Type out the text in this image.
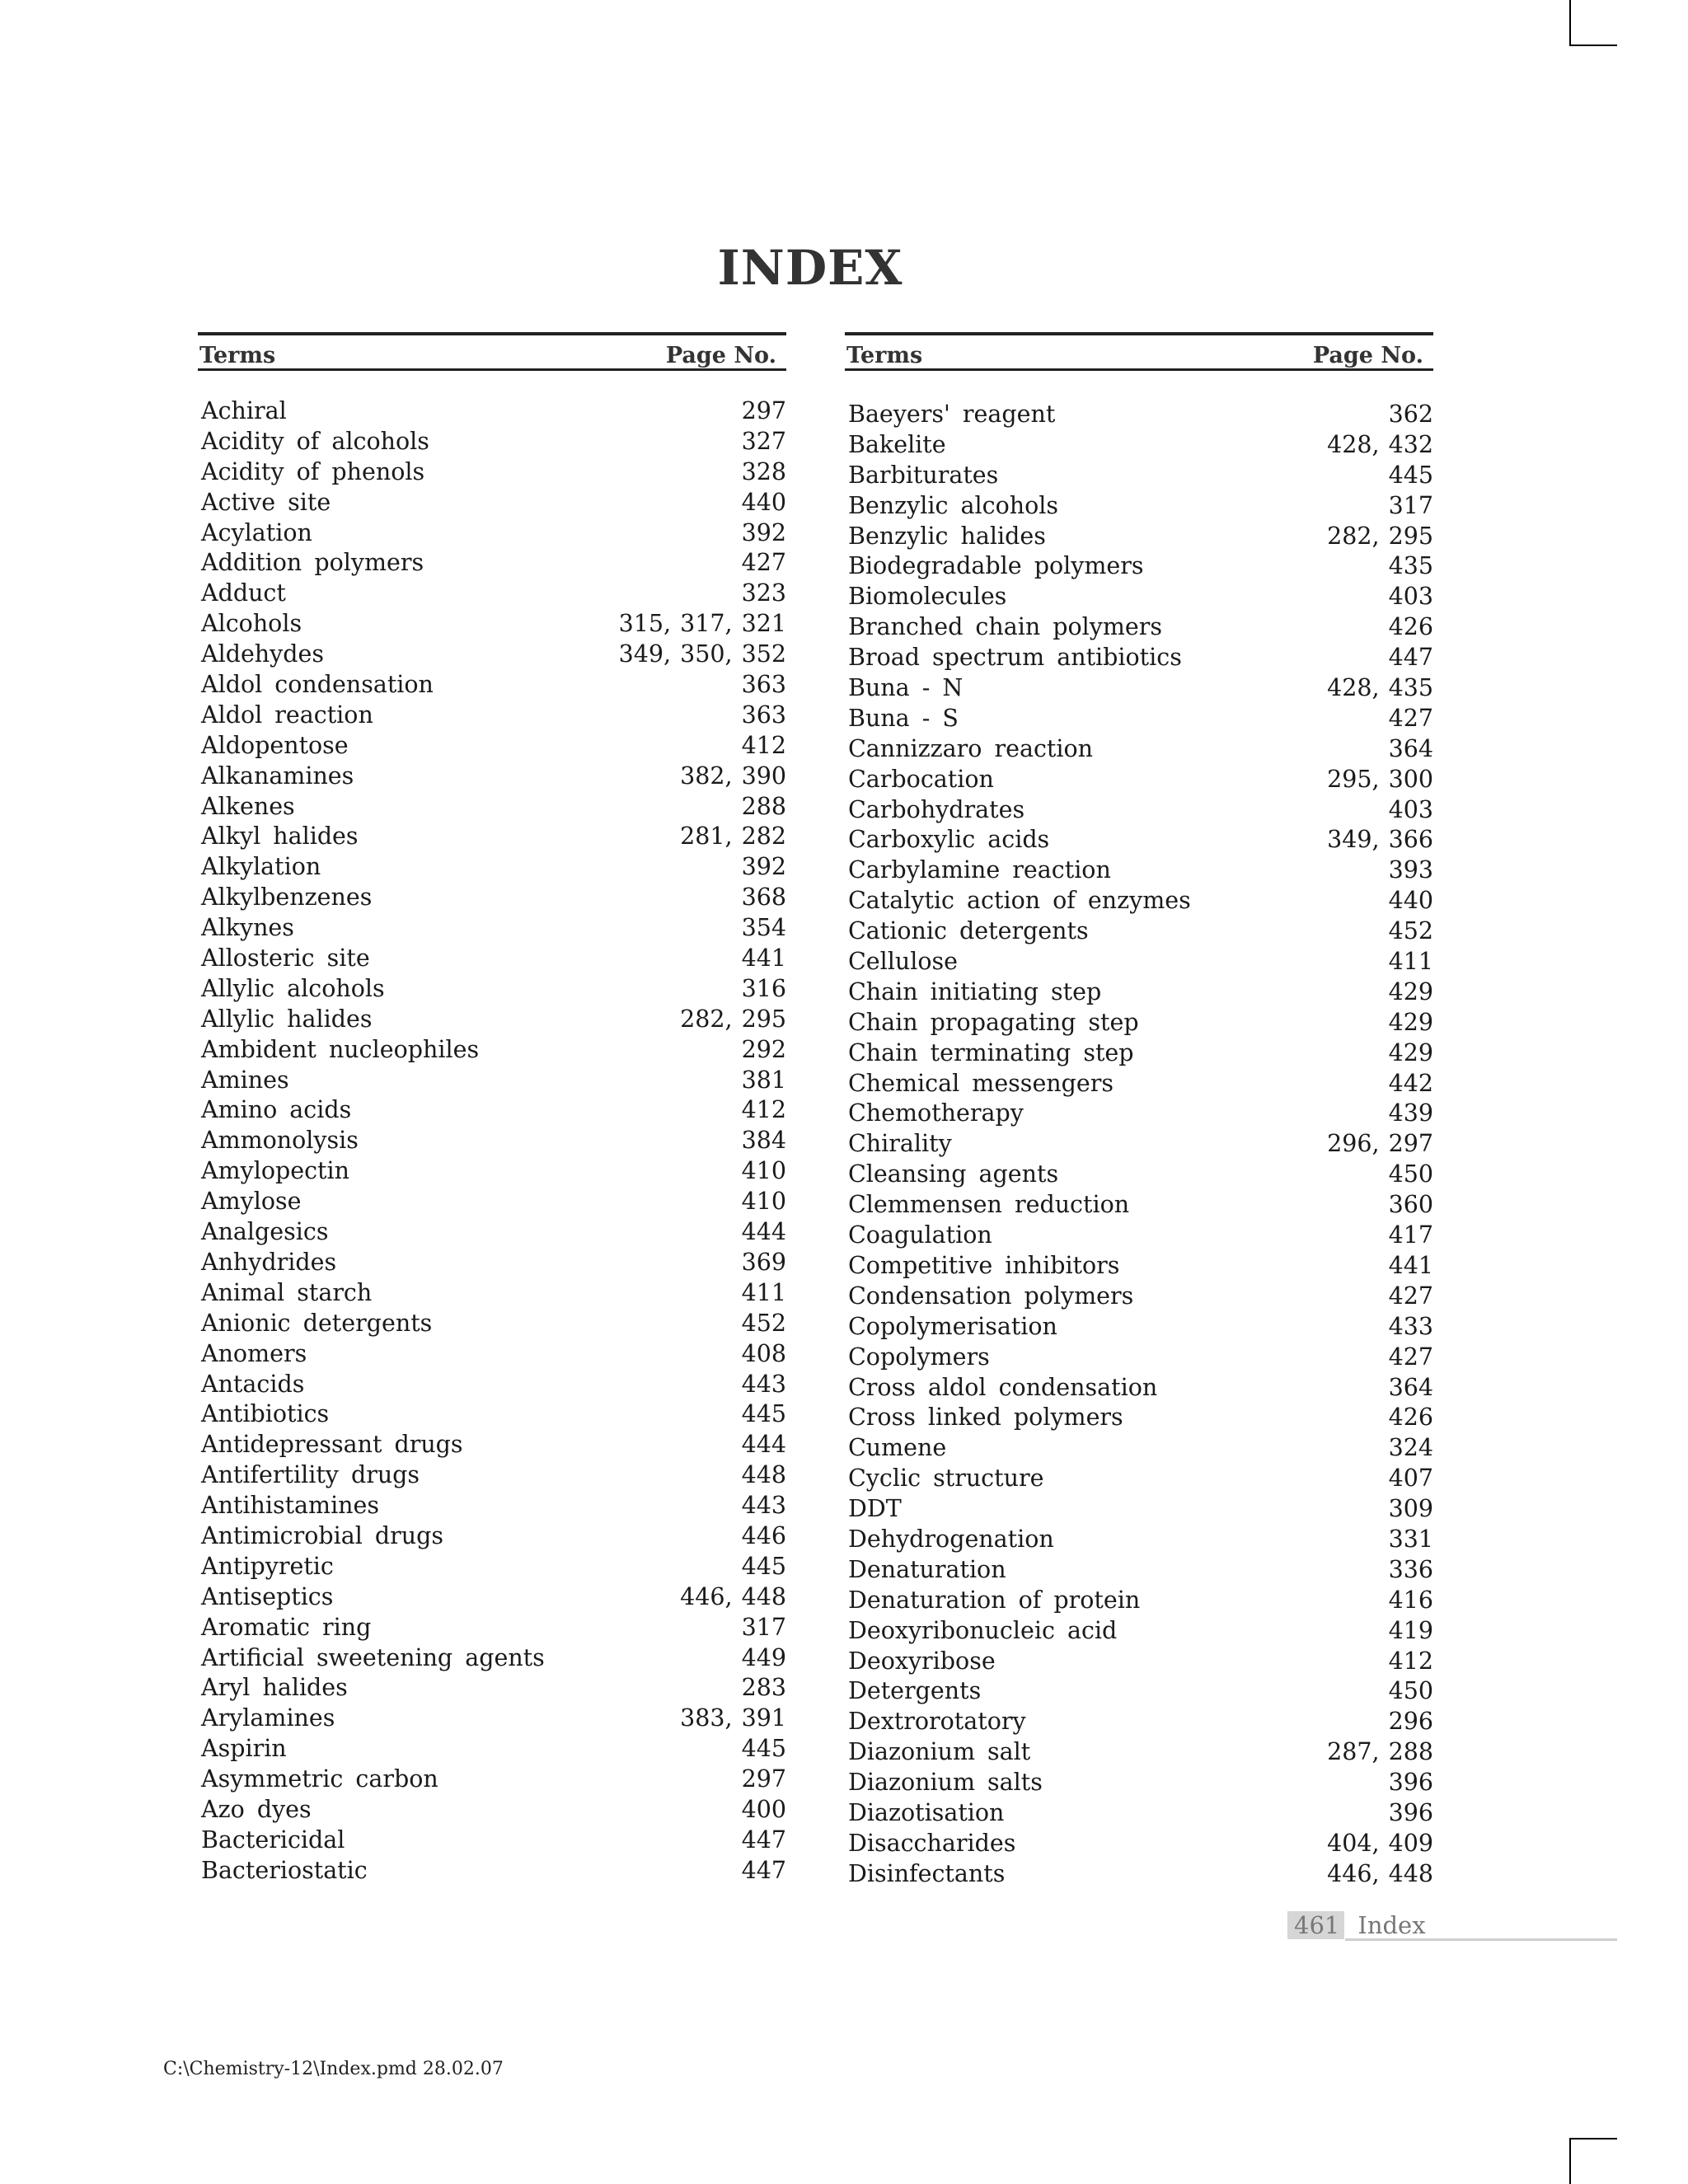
INDEX
Terms	Page No.
Achiral	297
Acidity of alcohols	327
Acidity of phenols	328
Active site	440
Acylation	392
Addition polymers	427
Adduct	323
Alcohols	315, 317, 321
Aldehydes	349, 350, 352
Aldol condensation	363
Aldol reaction	363
Aldopentose	412
Alkanamines	382, 390
Alkenes	288
Alkyl halides	281, 282
Alkylation	392
Alkylbenzenes	368
Alkynes	354
Allosteric site	441
Allylic alcohols	316
Allylic halides	282, 295
Ambident nucleophiles	292
Amines	381
Amino acids	412
Ammonolysis	384
Amylopectin	410
Amylose	410
Analgesics	444
Anhydrides	369
Animal starch	411
Anionic detergents	452
Anomers	408
Antacids	443
Antibiotics	445
Antidepressant drugs	444
Antifertility drugs	448
Antihistamines	443
Antimicrobial drugs	446
Antipyretic	445
Antiseptics	446, 448
Aromatic ring	317
Artificial sweetening agents	449
Aryl halides	283
Arylamines	383, 391
Aspirin	445
Asymmetric carbon	297
Azo dyes	400
Bactericidal	447
Bacteriostatic	447
Terms	Page No.
Baeyers' reagent	362
Bakelite	428, 432
Barbiturates	445
Benzylic alcohols	317
Benzylic halides	282, 295
Biodegradable polymers	435
Biomolecules	403
Branched chain polymers	426
Broad spectrum antibiotics	447
Buna - N	428, 435
Buna - S	427
Cannizzaro reaction	364
Carbocation	295, 300
Carbohydrates	403
Carboxylic acids	349, 366
Carbylamine reaction	393
Catalytic action of enzymes	440
Cationic detergents	452
Cellulose	411
Chain initiating step	429
Chain propagating step	429
Chain terminating step	429
Chemical messengers	442
Chemotherapy	439
Chirality	296, 297
Cleansing agents	450
Clemmensen reduction	360
Coagulation	417
Competitive inhibitors	441
Condensation polymers	427
Copolymerisation	433
Copolymers	427
Cross aldol condensation	364
Cross linked polymers	426
Cumene	324
Cyclic structure	407
DDT	309
Dehydrogenation	331
Denaturation	336
Denaturation of protein	416
Deoxyribonucleic acid	419
Deoxyribose	412
Detergents	450
Dextrorotatory	296
Diazonium salt	287, 288
Diazonium salts	396
Diazotisation	396
Disaccharides	404, 409
Disinfectants	446, 448
461 Index
C:\Chemistry-12\Index.pmd 28.02.07
